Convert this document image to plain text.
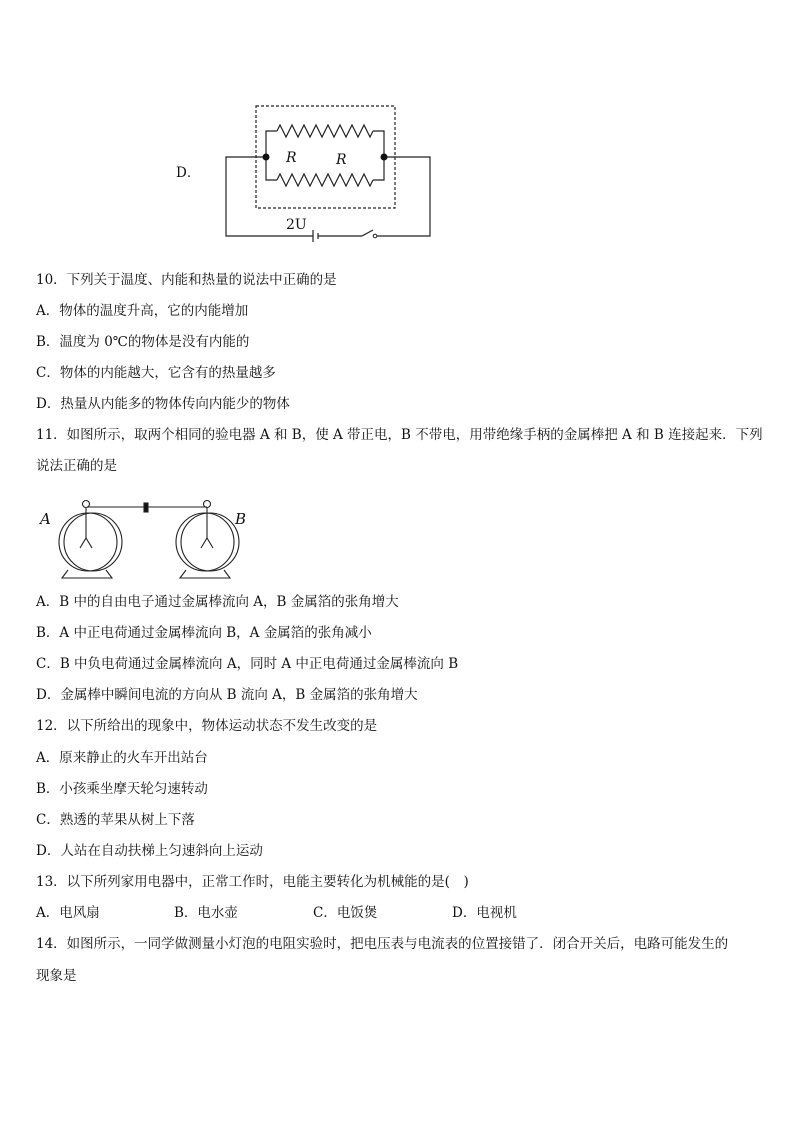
D．
R	R
2U
10．下列关于温度、内能和热量的说法中正确的是
A．物体的温度升高，它的内能增加
B．温度为 0℃的物体是没有内能的
C．物体的内能越大，它含有的热量越多
D．热量从内能多的物体传向内能少的物体
11．如图所示，取两个相同的验电器 A 和 B，使 A 带正电，B 不带电，用带绝缘手柄的金属棒把 A 和 B 连接起来．下列
说法正确的是
A	B
A．B 中的自由电子通过金属棒流向 A，B 金属箔的张角增大
B．A 中正电荷通过金属棒流向 B，A 金属箔的张角减小
C．B 中负电荷通过金属棒流向 A，同时 A 中正电荷通过金属棒流向 B
D．金属棒中瞬间电流的方向从 B 流向 A，B 金属箔的张角增大
12．以下所给出的现象中，物体运动状态不发生改变的是
A．原来静止的火车开出站台
B．小孩乘坐摩天轮匀速转动
C．熟透的苹果从树上下落
D．人站在自动扶梯上匀速斜向上运动
13．以下所列家用电器中，正常工作时，电能主要转化为机械能的是(　)
A．电风扇	B．电水壶	C．电饭煲	D．电视机
14．如图所示，一同学做测量小灯泡的电阻实验时，把电压表与电流表的位置接错了．闭合开关后，电路可能发生的
现象是
